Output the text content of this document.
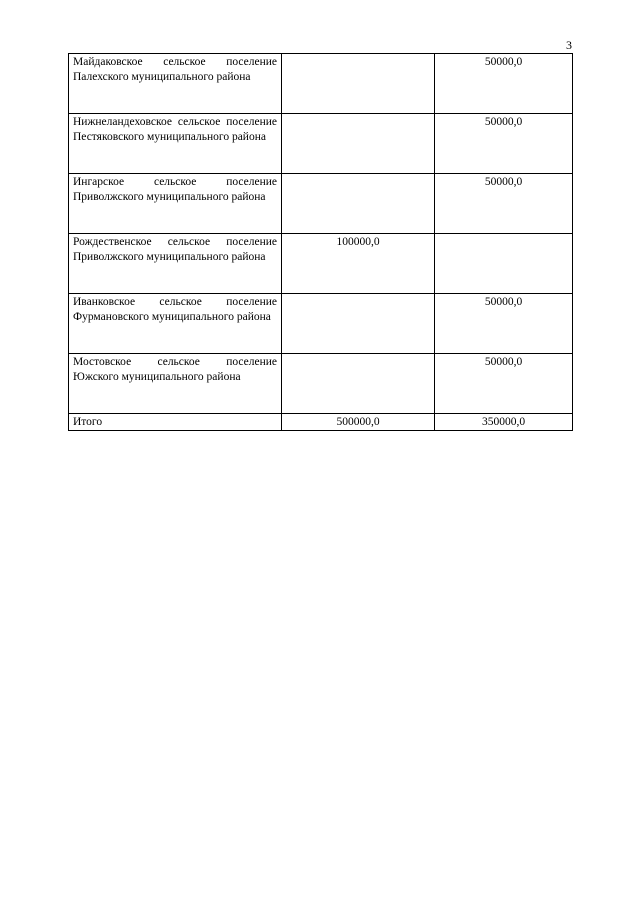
3
Майдаковское сельское поселение Палехского муниципального района		50000,0
Нижнеландеховское сельское поселение Пестяковского муниципального района		50000,0
Ингарское сельское поселение Приволжского муниципального района		50000,0
Рождественское сельское поселение Приволжского муниципального района	100000,0	
Иванковское сельское поселение Фурмановского муниципального района		50000,0
Мостовское сельское поселение Южского муниципального района		50000,0
Итого	500000,0	350000,0
